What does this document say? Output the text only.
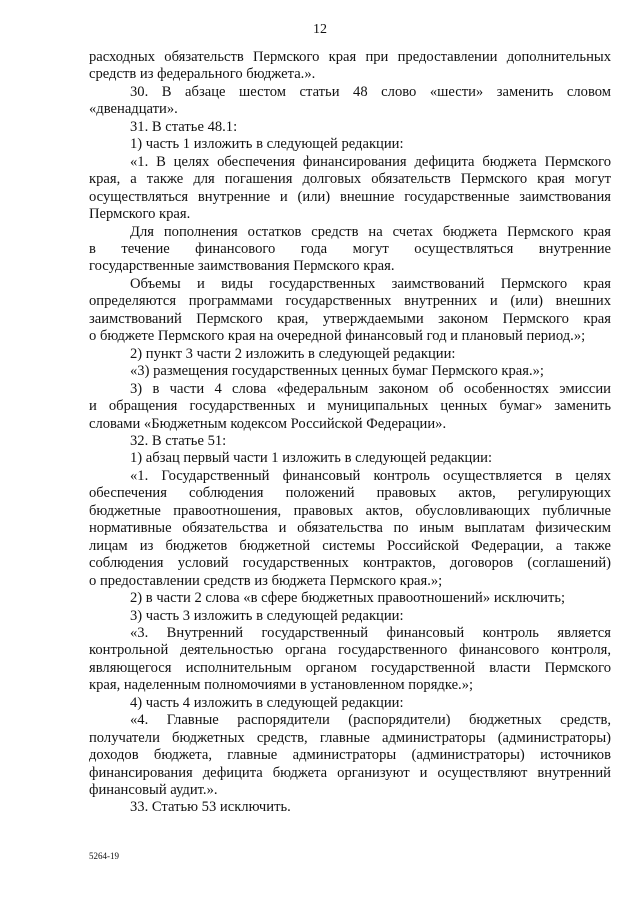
12
расходных обязательств Пермского края при предоставлении дополнительных
средств из федерального бюджета.».
30. В абзаце шестом статьи 48 слово «шести» заменить словом
«двенадцати».
31. В статье 48.1:
1) часть 1 изложить в следующей редакции:
«1. В целях обеспечения финансирования дефицита бюджета Пермского
края, а также для погашения долговых обязательств Пермского края могут
осуществляться внутренние и (или) внешние государственные заимствования
Пермского края.
Для пополнения остатков средств на счетах бюджета Пермского края
в течение финансового года могут осуществляться внутренние
государственные заимствования Пермского края.
Объемы и виды государственных заимствований Пермского края
определяются программами государственных внутренних и (или) внешних
заимствований Пермского края, утверждаемыми законом Пермского края
о бюджете Пермского края на очередной финансовый год и плановый период.»;
2) пункт 3 части 2 изложить в следующей редакции:
«3) размещения государственных ценных бумаг Пермского края.»;
3) в части 4 слова «федеральным законом об особенностях эмиссии
и обращения государственных и муниципальных ценных бумаг» заменить
словами «Бюджетным кодексом Российской Федерации».
32. В статье 51:
1) абзац первый части 1 изложить в следующей редакции:
«1. Государственный финансовый контроль осуществляется в целях
обеспечения соблюдения положений правовых актов, регулирующих
бюджетные правоотношения, правовых актов, обусловливающих публичные
нормативные обязательства и обязательства по иным выплатам физическим
лицам из бюджетов бюджетной системы Российской Федерации, а также
соблюдения условий государственных контрактов, договоров (соглашений)
о предоставлении средств из бюджета Пермского края.»;
2) в части 2 слова «в сфере бюджетных правоотношений» исключить;
3) часть 3 изложить в следующей редакции:
«3. Внутренний государственный финансовый контроль является
контрольной деятельностью органа государственного финансового контроля,
являющегося исполнительным органом государственной власти Пермского
края, наделенным полномочиями в установленном порядке.»;
4) часть 4 изложить в следующей редакции:
«4. Главные распорядители (распорядители) бюджетных средств,
получатели бюджетных средств, главные администраторы (администраторы)
доходов бюджета, главные администраторы (администраторы) источников
финансирования дефицита бюджета организуют и осуществляют внутренний
финансовый аудит.».
33. Статью 53 исключить.
5264-19
